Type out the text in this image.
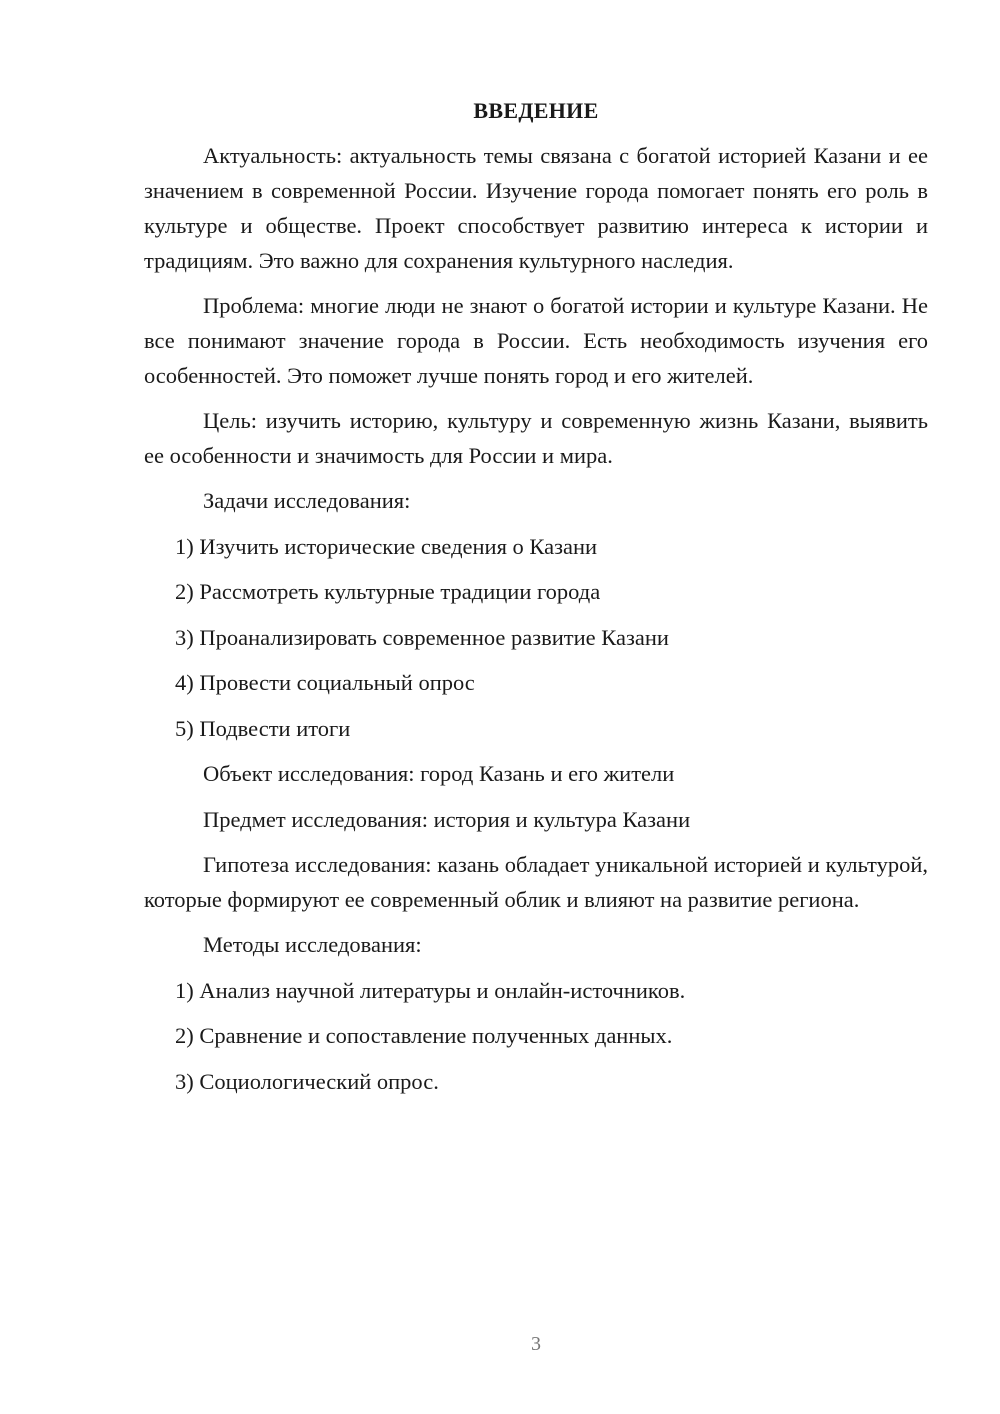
ВВЕДЕНИЕ

Актуальность: актуальность темы связана с богатой историей Казани и ее значением в современной России. Изучение города помогает понять его роль в культуре и обществе. Проект способствует развитию интереса к истории и традициям. Это важно для сохранения культурного наследия.

Проблема: многие люди не знают о богатой истории и культуре Казани. Не все понимают значение города в России. Есть необходимость изучения его особенностей. Это поможет лучше понять город и его жителей.

Цель: изучить историю, культуру и современную жизнь Казани, выявить ее особенности и значимость для России и мира.

Задачи исследования:
1) Изучить исторические сведения о Казани
2) Рассмотреть культурные традиции города
3) Проанализировать современное развитие Казани
4) Провести социальный опрос
5) Подвести итоги
Объект исследования: город Казань и его жители
Предмет исследования: история и культура Казани

Гипотеза исследования: казань обладает уникальной историей и культурой, которые формируют ее современный облик и влияют на развитие региона.

Методы исследования:
1) Анализ научной литературы и онлайн-источников.
2) Сравнение и сопоставление полученных данных.
3) Социологический опрос.
3
